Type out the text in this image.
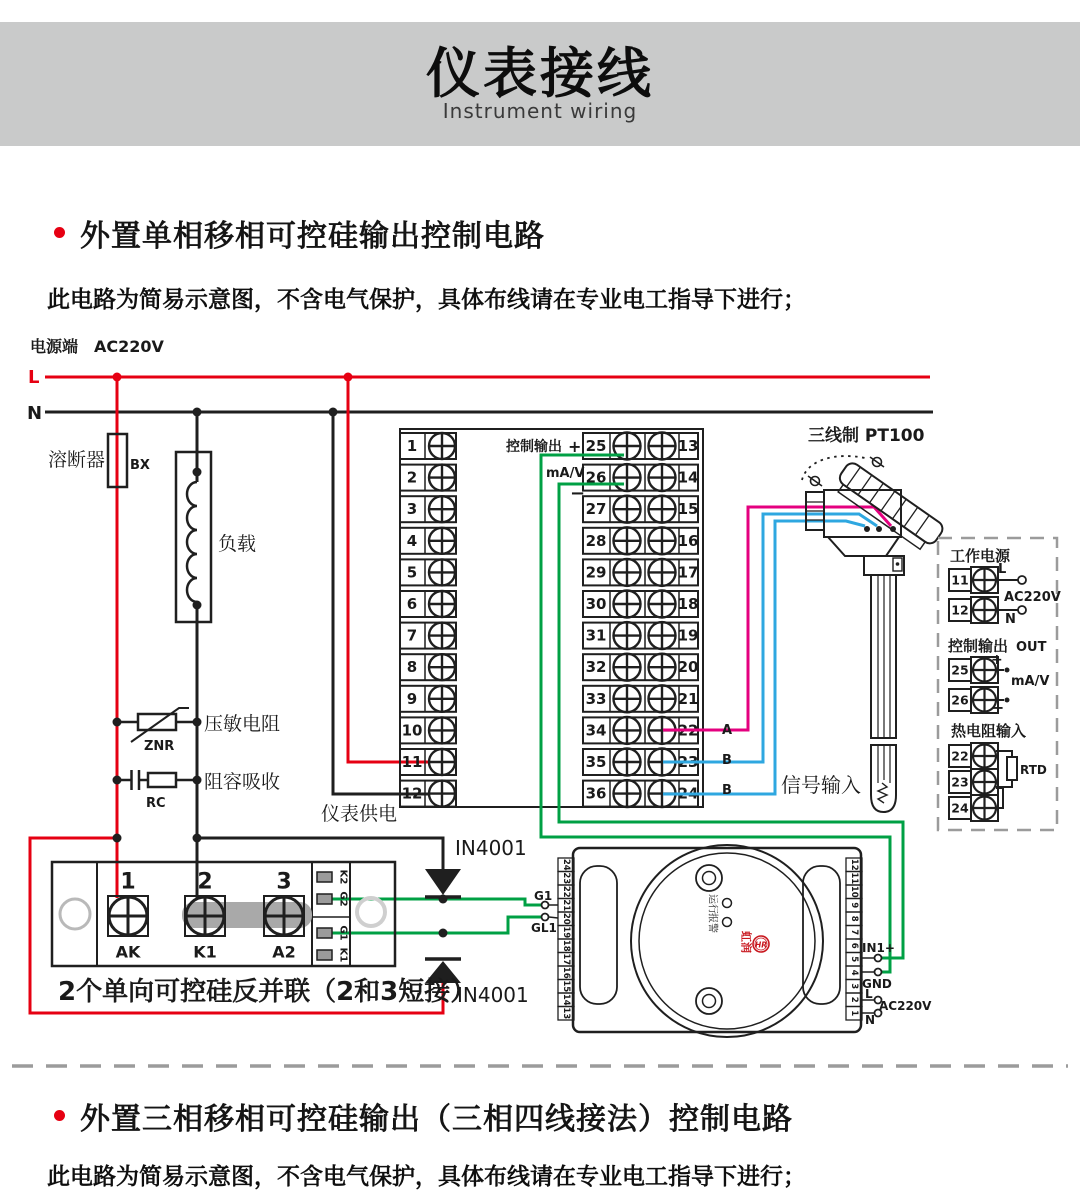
1
2
3
4
5
6
7
8
9
10
11
12
25	13
26	14
27	15
28	16
29	17
30	18
31	19
32	20
33	21
34	22
35	23
36	24
1
AK
2
K1
3
A2
K2
G2
G1
K1
24
23
22
21
20
19
18
17
16
15
14
13
12
11
10
9
8
7
6
5
4
3
2
1
11
12
25
26
22
23
24
电源端 AC220V
L
N
溶断器 BX
负载
压敏电阻
ZNR
阻容吸收
RC	仪表供电
控制输出 +
mA/V
−
三线制 PT100
信号输入
A
B
B
IN4001
IN4001
G1
GL1
2个单向可控硅反并联（2和3短接）
工作电源
L
AC220V
N
控制输出 OUT
+
mA/V
−
热电阻输入
RTD
IN1+
GND
L
AC220V
N
运行
报警
虹润 HR
仪表接线
Instrument wiring
外置单相移相可控硅输出控制电路
此电路为简易示意图，不含电气保护，具体布线请在专业电工指导下进行；
外置三相移相可控硅输出（三相四线接法）控制电路
此电路为简易示意图，不含电气保护，具体布线请在专业电工指导下进行；
